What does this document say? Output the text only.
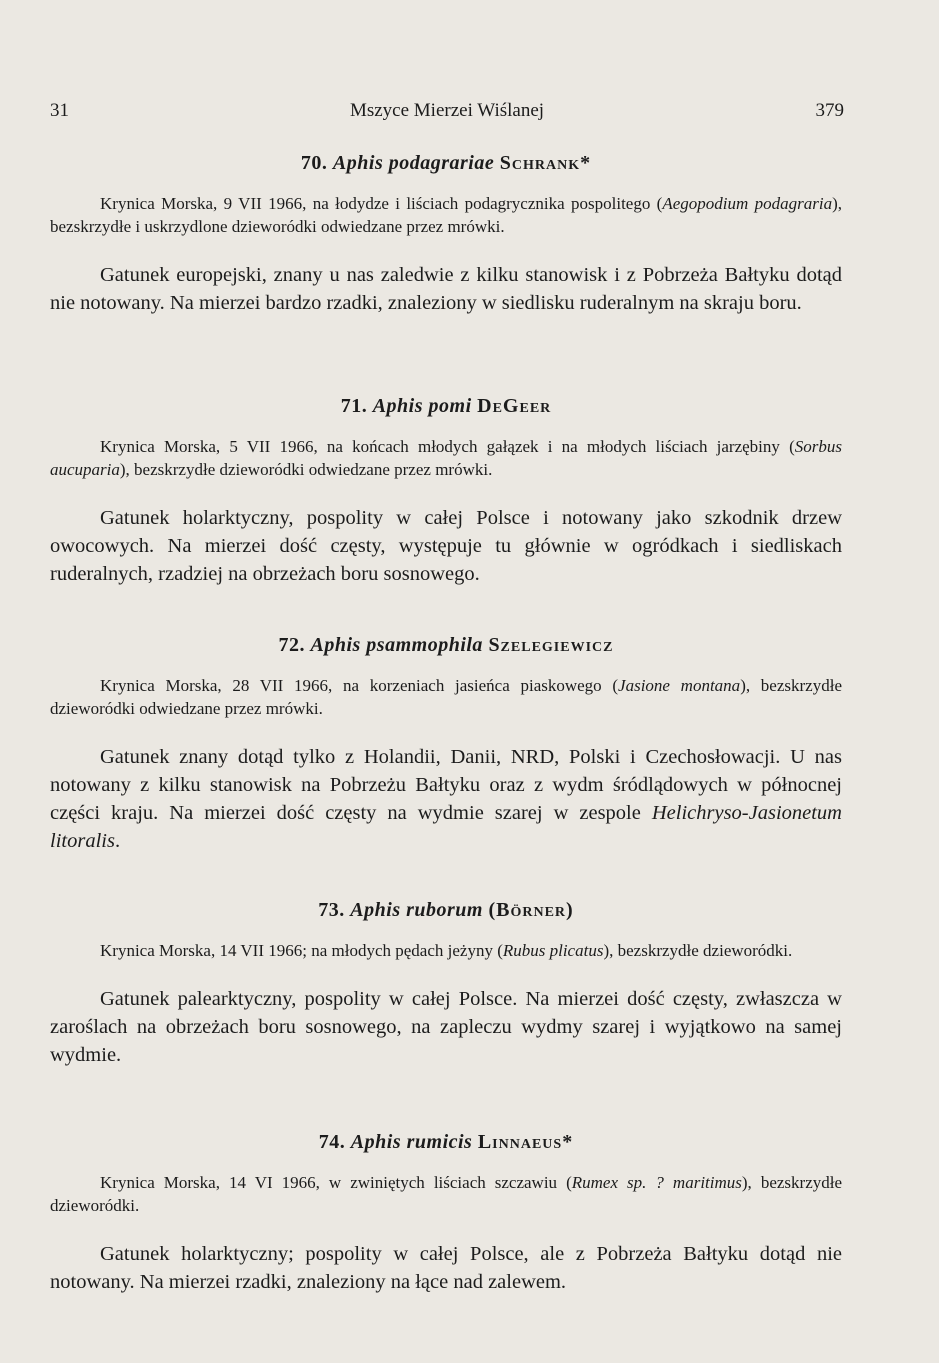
31	Mszyce Mierzei Wiślanej	379
70. Aphis podagrariae Schrank*

Krynica Morska, 9 VII 1966, na łodydze i liściach podagrycznika pospolitego (Aegopodium podagraria), bezskrzydłe i uskrzydlone dzieworódki odwiedzane przez mrówki.

Gatunek europejski, znany u nas zaledwie z kilku stanowisk i z Pobrzeża Bałtyku dotąd nie notowany. Na mierzei bardzo rzadki, znaleziony w siedlisku ruderalnym na skraju boru.

71. Aphis pomi DeGeer

Krynica Morska, 5 VII 1966, na końcach młodych gałązek i na młodych liściach jarzębiny (Sorbus aucuparia), bezskrzydłe dzieworódki odwiedzane przez mrówki.

Gatunek holarktyczny, pospolity w całej Polsce i notowany jako szkodnik drzew owocowych. Na mierzei dość częsty, występuje tu głównie w ogródkach i siedliskach ruderalnych, rzadziej na obrzeżach boru sosnowego.

72. Aphis psammophila Szelegiewicz

Krynica Morska, 28 VII 1966, na korzeniach jasieńca piaskowego (Jasione montana), bezskrzydłe dzieworódki odwiedzane przez mrówki.

Gatunek znany dotąd tylko z Holandii, Danii, NRD, Polski i Czechosłowacji. U nas notowany z kilku stanowisk na Pobrzeżu Bałtyku oraz z wydm śródlądowych w północnej części kraju. Na mierzei dość częsty na wydmie szarej w zespole Helichryso-Jasionetum litoralis.

73. Aphis ruborum (Börner)

Krynica Morska, 14 VII 1966; na młodych pędach jeżyny (Rubus plicatus), bezskrzydłe dzieworódki.

Gatunek palearktyczny, pospolity w całej Polsce. Na mierzei dość częsty, zwłaszcza w zaroślach na obrzeżach boru sosnowego, na zapleczu wydmy szarej i wyjątkowo na samej wydmie.

74. Aphis rumicis Linnaeus*

Krynica Morska, 14 VI 1966, w zwiniętych liściach szczawiu (Rumex sp. ? maritimus), bezskrzydłe dzieworódki.

Gatunek holarktyczny; pospolity w całej Polsce, ale z Pobrzeża Bałtyku dotąd nie notowany. Na mierzei rzadki, znaleziony na łące nad zalewem.
